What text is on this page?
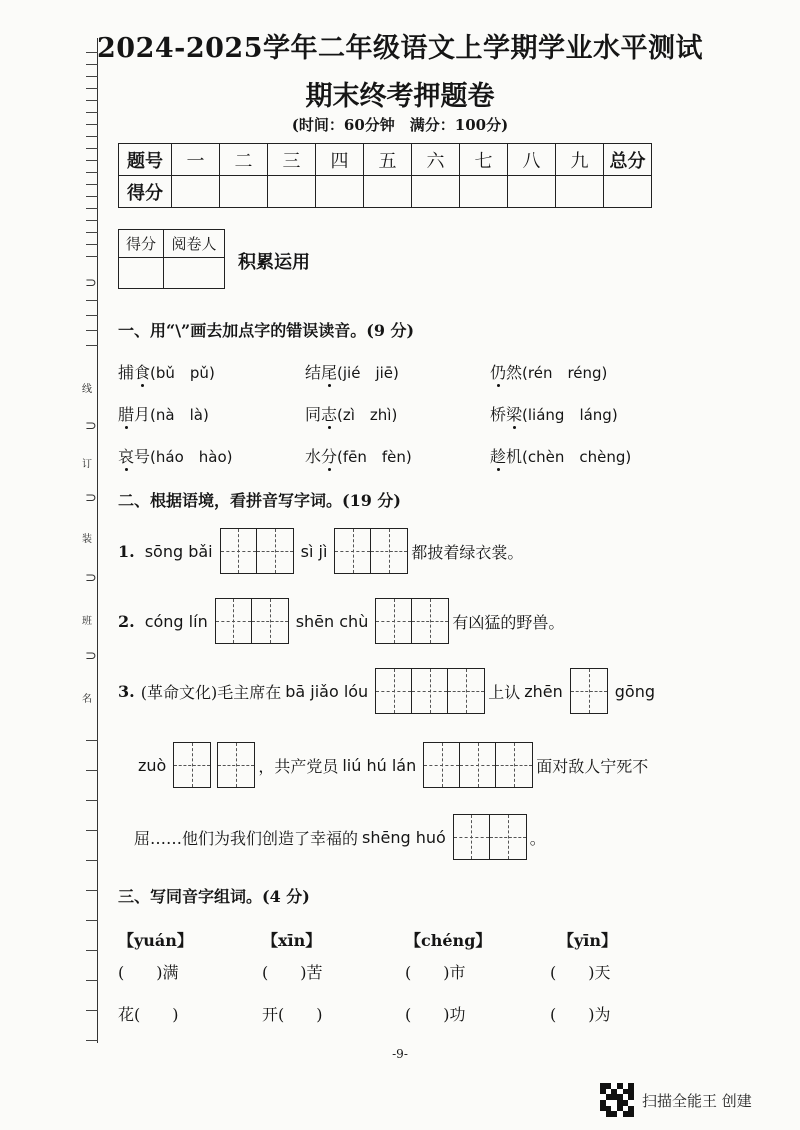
⊃
线
⊃
订
⊃
装
⊃
班
⊃
名
2024-2025学年二年级语文上学期学业水平测试
期末终考押题卷
(时间：60分钟　满分：100分)
题号	一	二	三	四	五	六	七	八	九	总分
得分										
得分	阅卷人

积累运用
一、用“\”画去加点字的错误读音。(9 分)
捕食(bǔ　pǔ)	结尾(jié　jiē)	仍然(rén　réng)
腊月(nà　là)	同志(zì　zhì)	桥梁(liáng　láng)
哀号(háo　hào)	水分(fēn　fèn)	趁机(chèn　chèng)
二、根据语境，看拼音写字词。(19 分)
1. sōng bǎi	sì jì	都披着绿衣裳。
2. cóng lín	shēn chù	有凶猛的野兽。
3. (革命文化)毛主席在 bā jiǎo lóu	上认 zhēn	gōng
zuò	，共产党员 liú hú lán	面对敌人宁死不
屈……他们为我们创造了幸福的 shēng huó	。
三、写同音字组词。(4 分)
【yuán】	【xīn】	【chéng】	【yīn】
(　　)满	(　　)苦	(　　)市	(　　)天
花(　　)	开(　　)	(　　)功	(　　)为
-9-
扫描全能王 创建
